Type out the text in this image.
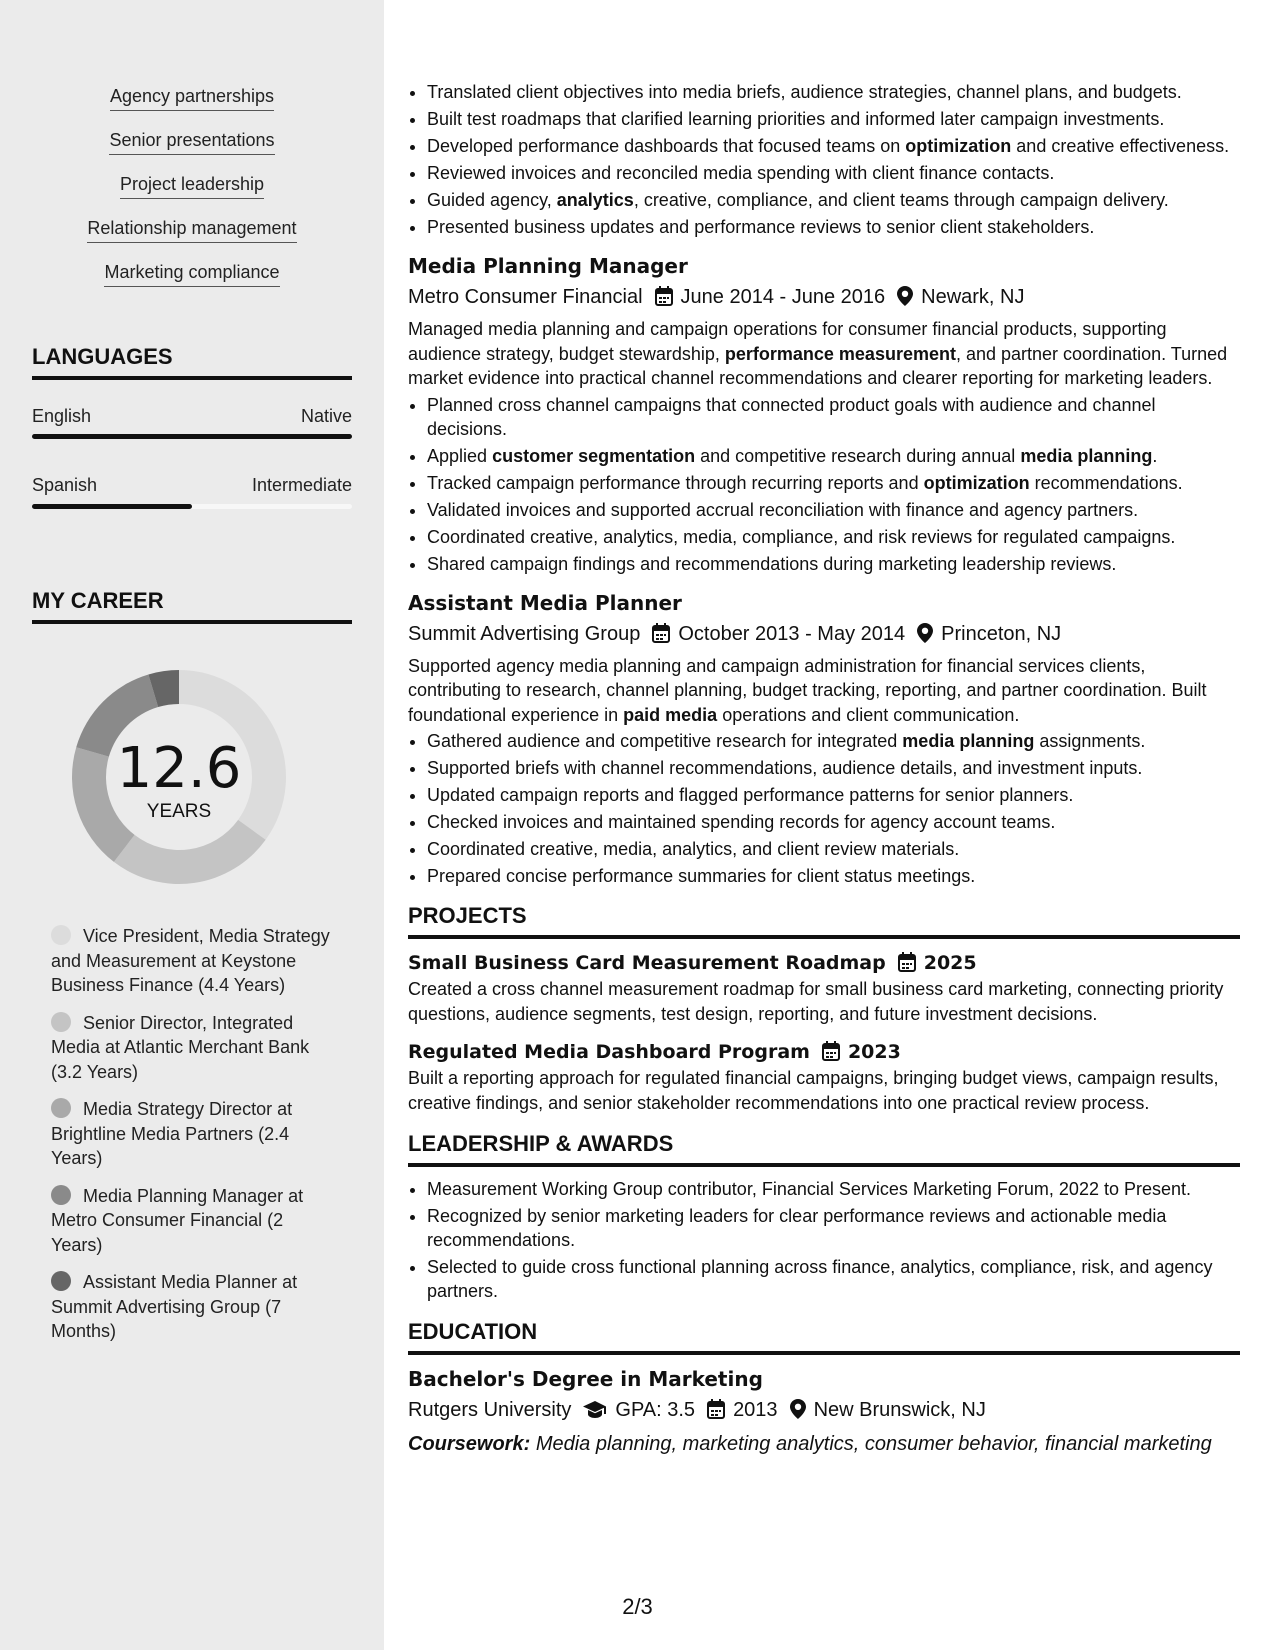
Agency partnerships
Senior presentations
Project leadership
Relationship management
Marketing compliance
LANGUAGES
English	Native
Spanish	Intermediate
MY CAREER
12.6
YEARS
Vice President, Media Strategy and Measurement at Keystone Business Finance (4.4 Years)
Senior Director, Integrated Media at Atlantic Merchant Bank (3.2 Years)
Media Strategy Director at Brightline Media Partners (2.4 Years)
Media Planning Manager at Metro Consumer Financial (2 Years)
Assistant Media Planner at Summit Advertising Group (7 Months)
• Translated client objectives into media briefs, audience strategies, channel plans, and budgets.
• Built test roadmaps that clarified learning priorities and informed later campaign investments.
• Developed performance dashboards that focused teams on optimization and creative effectiveness.
• Reviewed invoices and reconciled media spending with client finance contacts.
• Guided agency, analytics, creative, compliance, and client teams through campaign delivery.
• Presented business updates and performance reviews to senior client stakeholders.
Media Planning Manager
Metro Consumer Financial June 2014 - June 2016 Newark, NJ

Managed media planning and campaign operations for consumer financial products, supporting audience strategy, budget stewardship, performance measurement, and partner coordination. Turned market evidence into practical channel recommendations and clearer reporting for marketing leaders.

• Planned cross channel campaigns that connected product goals with audience and channel decisions.
• Applied customer segmentation and competitive research during annual media planning.
• Tracked campaign performance through recurring reports and optimization recommendations.
• Validated invoices and supported accrual reconciliation with finance and agency partners.
• Coordinated creative, analytics, media, compliance, and risk reviews for regulated campaigns.
• Shared campaign findings and recommendations during marketing leadership reviews.
Assistant Media Planner
Summit Advertising Group October 2013 - May 2014 Princeton, NJ

Supported agency media planning and campaign administration for financial services clients, contributing to research, channel planning, budget tracking, reporting, and partner coordination. Built foundational experience in paid media operations and client communication.

• Gathered audience and competitive research for integrated media planning assignments.
• Supported briefs with channel recommendations, audience details, and investment inputs.
• Updated campaign reports and flagged performance patterns for senior planners.
• Checked invoices and maintained spending records for agency account teams.
• Coordinated creative, media, analytics, and client review materials.
• Prepared concise performance summaries for client status meetings.
PROJECTS
Small Business Card Measurement Roadmap 2025

Created a cross channel measurement roadmap for small business card marketing, connecting priority questions, audience segments, test design, reporting, and future investment decisions.

Regulated Media Dashboard Program 2023

Built a reporting approach for regulated financial campaigns, bringing budget views, campaign results, creative findings, and senior stakeholder recommendations into one practical review process.

LEADERSHIP & AWARDS
• Measurement Working Group contributor, Financial Services Marketing Forum, 2022 to Present.
• Recognized by senior marketing leaders for clear performance reviews and actionable media recommendations.
• Selected to guide cross functional planning across finance, analytics, compliance, risk, and agency partners.
EDUCATION
Bachelor's Degree in Marketing
Rutgers University GPA: 3.5 2013 New Brunswick, NJ
Coursework: Media planning, marketing analytics, consumer behavior, financial marketing
2/3
